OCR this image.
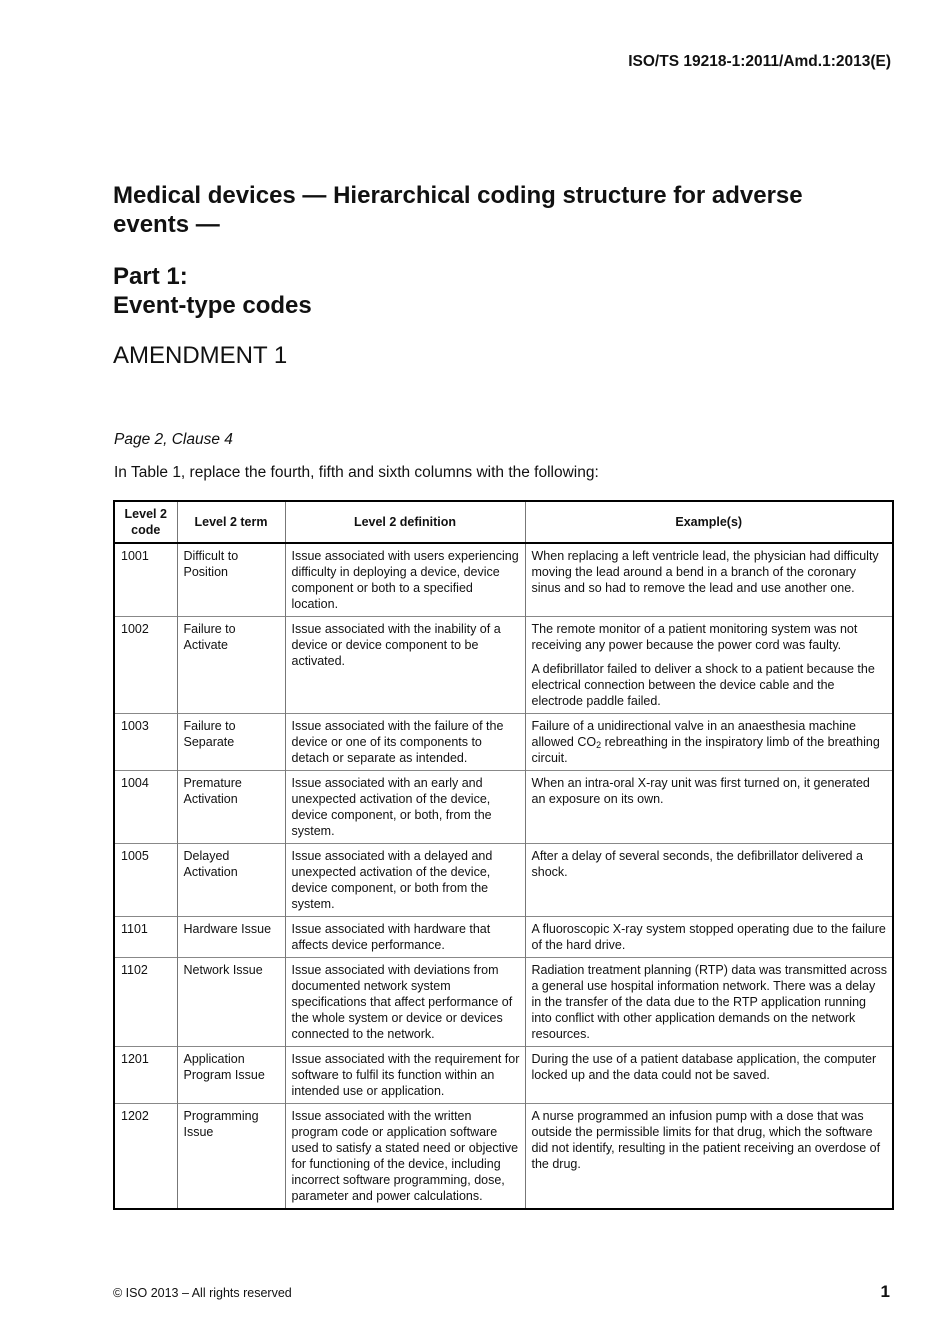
ISO/TS 19218-1:2011/Amd.1:2013(E)
Medical devices — Hierarchical coding structure for adverse events —
Part 1:
Event-type codes
AMENDMENT 1
Page 2, Clause 4
In Table 1, replace the fourth, fifth and sixth columns with the following:
Level 2 code	Level 2 term	Level 2 definition	Example(s)
1001	Difficult to Position	Issue associated with users experiencing difficulty in deploying a device, device component or both to a specified location.	When replacing a left ventricle lead, the physician had difficulty moving the lead around a bend in a branch of the coronary sinus and so had to remove the lead and use another one.
1002	Failure to Activate	Issue associated with the inability of a device or device component to be activated.	The remote monitor of a patient monitoring system was not receiving any power because the power cord was faulty.

A defibrillator failed to deliver a shock to a patient because the electrical connection between the device cable and the electrode paddle failed.

1003	Failure to Separate	Issue associated with the failure of the device or one of its components to detach or separate as intended.	Failure of a unidirectional valve in an anaesthesia machine allowed $CO_2$ rebreathing in the inspiratory limb of the breathing circuit.
1004	Premature Activation	Issue associated with an early and unexpected activation of the device, device component, or both, from the system.	When an intra-oral X-ray unit was first turned on, it generated an exposure on its own.
1005	Delayed Activation	Issue associated with a delayed and unexpected activation of the device, device component, or both from the system.	After a delay of several seconds, the defibrillator delivered a shock.
1101	Hardware Issue	Issue associated with hardware that affects device performance.	A fluoroscopic X-ray system stopped operating due to the failure of the hard drive.
1102	Network Issue	Issue associated with deviations from documented network system specifications that affect performance of the whole system or device or devices connected to the network.	Radiation treatment planning (RTP) data was transmitted across a general use hospital information network. There was a delay in the transfer of the data due to the RTP application running into conflict with other application demands on the network resources.
1201	Application Program Issue	Issue associated with the requirement for software to fulfil its function within an intended use or application.	During the use of a patient database application, the computer locked up and the data could not be saved.
1202	Programming Issue	Issue associated with the written program code or application software used to satisfy a stated need or objective for functioning of the device, including incorrect software programming, dose, parameter and power calculations.	A nurse programmed an infusion pump with a dose that was outside the permissible limits for that drug, which the software did not identify, resulting in the patient receiving an overdose of the drug.
© ISO 2013 – All rights reserved	1
